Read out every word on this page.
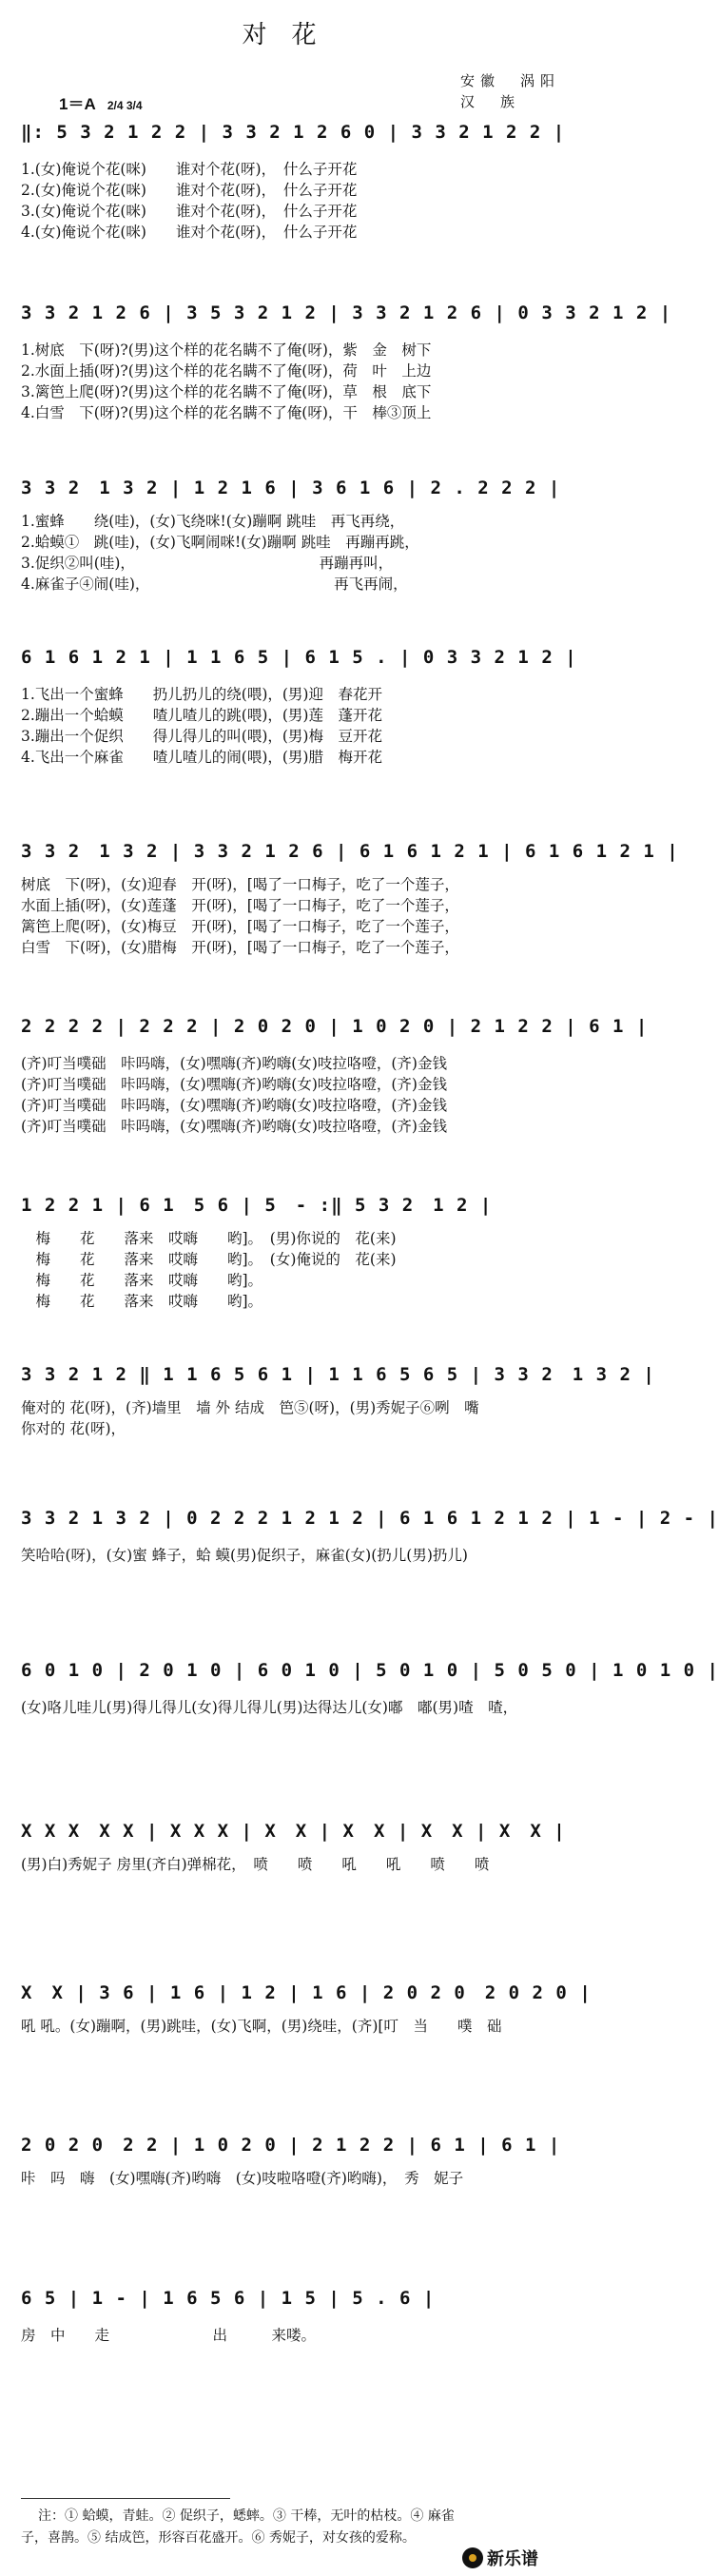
对花
1＝A 2/4 3/4
安徽　涡阳
汉　族
‖: 5 3 2 1 2 2 | 3 3 2 1 2 6 0 | 3 3 2 1 2 2 |
1.(女)俺说个花(咪)　　谁对个花(呀)，　什么子开花
2.(女)俺说个花(咪)　　谁对个花(呀)，　什么子开花
3.(女)俺说个花(咪)　　谁对个花(呀)，　什么子开花
4.(女)俺说个花(咪)　　谁对个花(呀)，　什么子开花
3 3 2 1 2 6 | 3 5 3 2 1 2 | 3 3 2 1 2 6 | 0 3 3 2 1 2 |
1.树底　下(呀)?(男)这个样的花名瞒不了俺(呀)，紫　金　树下
2.水面上插(呀)?(男)这个样的花名瞒不了俺(呀)，荷　叶　上边
3.篱笆上爬(呀)?(男)这个样的花名瞒不了俺(呀)，草　根　底下
4.白雪　下(呀)?(男)这个样的花名瞒不了俺(呀)，干　棒③顶上
3 3 2　1 3 2 | 1 2 1 6 | 3 6 1 6 | 2 . 2 2 2 |
1.蜜蜂　　绕(哇)，(女)飞绕咪!(女)蹦啊 跳哇　再飞再绕，
2.蛤蟆①　跳(哇)，(女)飞啊闹咪!(女)蹦啊 跳哇　再蹦再跳，
3.促织②叫(哇)，　　　　　　　　　　　　　再蹦再叫，
4.麻雀子④闹(哇)，　　　　　　　　　　　　　再飞再闹，
6 1 6 1 2 1 | 1 1 6 5 | 6 1 5 . | 0 3 3 2 1 2 |
1.飞出一个蜜蜂　　扔儿扔儿的绕(喂)，(男)迎　春花开
2.蹦出一个蛤蟆　　喳儿喳儿的跳(喂)，(男)莲　蓬开花
3.蹦出一个促织　　得儿得儿的叫(喂)，(男)梅　豆开花
4.飞出一个麻雀　　喳儿喳儿的闹(喂)，(男)腊　梅开花
3 3 2　1 3 2 | 3 3 2 1 2 6 | 6 1 6 1 2 1 | 6 1 6 1 2 1 |
树底　下(呀)，(女)迎春　开(呀)，[喝了一口梅子，吃了一个莲子，
水面上插(呀)，(女)莲蓬　开(呀)，[喝了一口梅子，吃了一个莲子，
篱笆上爬(呀)，(女)梅豆　开(呀)，[喝了一口梅子，吃了一个莲子，
白雪　下(呀)，(女)腊梅　开(呀)，[喝了一口梅子，吃了一个莲子，
2 2 2 2 | 2 2 2 | 2 0 2 0 | 1 0 2 0 | 2 1 2 2 | 6 1 |
(齐)叮当噗础　咔吗嗨，(女)嘿嗨(齐)哟嗨(女)吱拉咯噔，(齐)金钱
(齐)叮当噗础　咔吗嗨，(女)嘿嗨(齐)哟嗨(女)吱拉咯噔，(齐)金钱
(齐)叮当噗础　咔吗嗨，(女)嘿嗨(齐)哟嗨(女)吱拉咯噔，(齐)金钱
(齐)叮当噗础　咔吗嗨，(女)嘿嗨(齐)哟嗨(女)吱拉咯噔，(齐)金钱
1 2 2 1 | 6 1　5 6 | 5　- :‖ 5 3 2　1 2 |
　梅　　花　　落来　哎嗨　　哟]。　(男)你说的　花(来)
　梅　　花　　落来　哎嗨　　哟]。　(女)俺说的　花(来)
　梅　　花　　落来　哎嗨　　哟]。
　梅　　花　　落来　哎嗨　　哟]。
3 3 2 1 2 ‖ 1 1 6 5 6 1 | 1 1 6 5 6 5 | 3 3 2　1 3 2 |
俺对的 花(呀)，(齐)墙里　墙 外 结成　笆⑤(呀)，(男)秀妮子⑥咧　嘴
你对的 花(呀)，
3 3 2 1 3 2 | 0 2 2 2 1 2 1 2 | 6 1 6 1 2 1 2 | 1 - | 2 - |
笑哈哈(呀)，(女)蜜 蜂子，蛤 蟆(男)促织子，麻雀(女)(扔儿(男)扔儿)
6 0 1 0 | 2 0 1 0 | 6 0 1 0 | 5 0 1 0 | 5 0 5 0 | 1 0 1 0 |
(女)咯儿哇儿(男)得儿得儿(女)得儿得儿(男)达得达儿(女)嘟　嘟(男)喳　喳，
X X X　X X | X X X | X　X | X　X | X　X | X　X |
(男)白)秀妮子 房里(齐白)弹棉花，　喷　　喷　　吼　　吼　　喷　　喷
X　X | 3 6 | 1 6 | 1 2 | 1 6 | 2 0 2 0　2 0 2 0 |
吼 吼。(女)蹦啊，(男)跳哇，(女)飞啊，(男)绕哇，(齐)[叮　当　　噗　础
2 0 2 0　2 2 | 1 0 2 0 | 2 1 2 2 | 6 1 | 6 1 |
咔　吗　嗨　(女)嘿嗨(齐)哟嗨　(女)吱啦咯噔(齐)哟嗨)，　秀　妮子
6 5 | 1 - | 1 6 5 6 | 1 5 | 5 . 6 |
房　中　　走　　　　　　　出　　　来喽。
注：① 蛤蟆，青蛙。② 促织子，蟋蟀。③ 干棒，无叶的枯枝。④ 麻雀
子，喜鹊。⑤ 结成笆，形容百花盛开。⑥ 秀妮子，对女孩的爱称。
新乐谱
